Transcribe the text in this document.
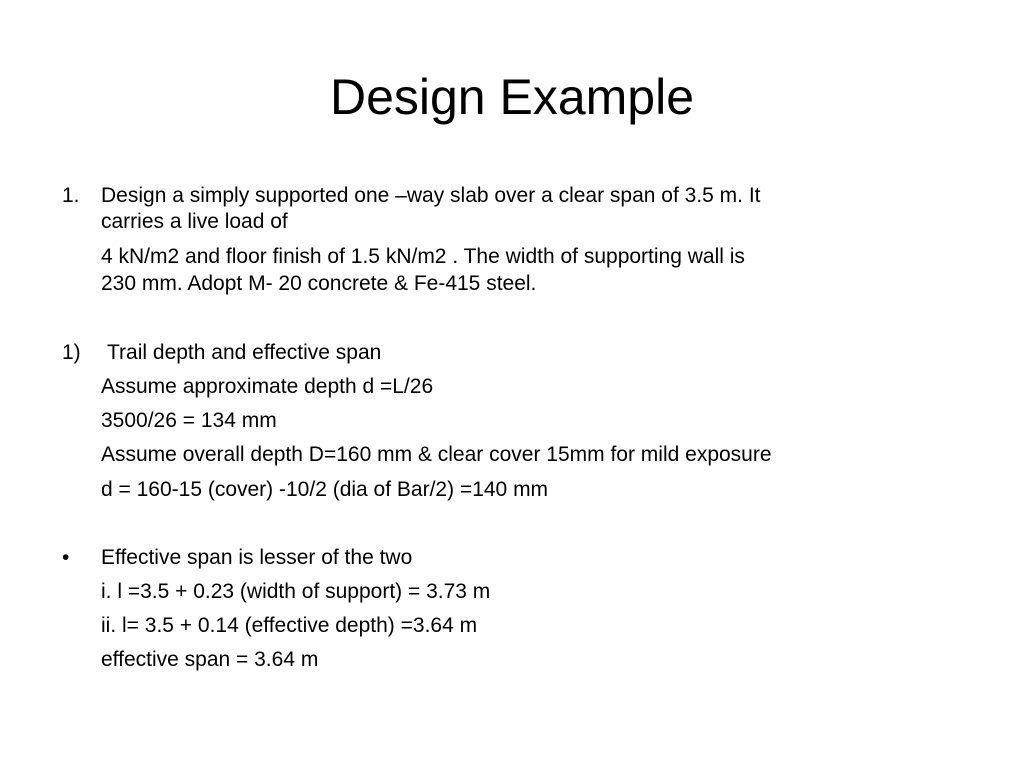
Design Example
1. Design a simply supported one –way slab over a clear span of 3.5 m. It

carries a live load of

4 kN/m2 and floor finish of 1.5 kN/m2 . The width of supporting wall is

230 mm. Adopt M- 20 concrete & Fe-415 steel.

1) Trail depth and effective span

Assume approximate depth d =L/26

3500/26 = 134 mm

Assume overall depth D=160 mm & clear cover 15mm for mild exposure

d = 160-15 (cover) -10/2 (dia of Bar/2) =140 mm

• Effective span is lesser of the two

i. l =3.5 + 0.23 (width of support) = 3.73 m

ii. l= 3.5 + 0.14 (effective depth) =3.64 m

effective span = 3.64 m
